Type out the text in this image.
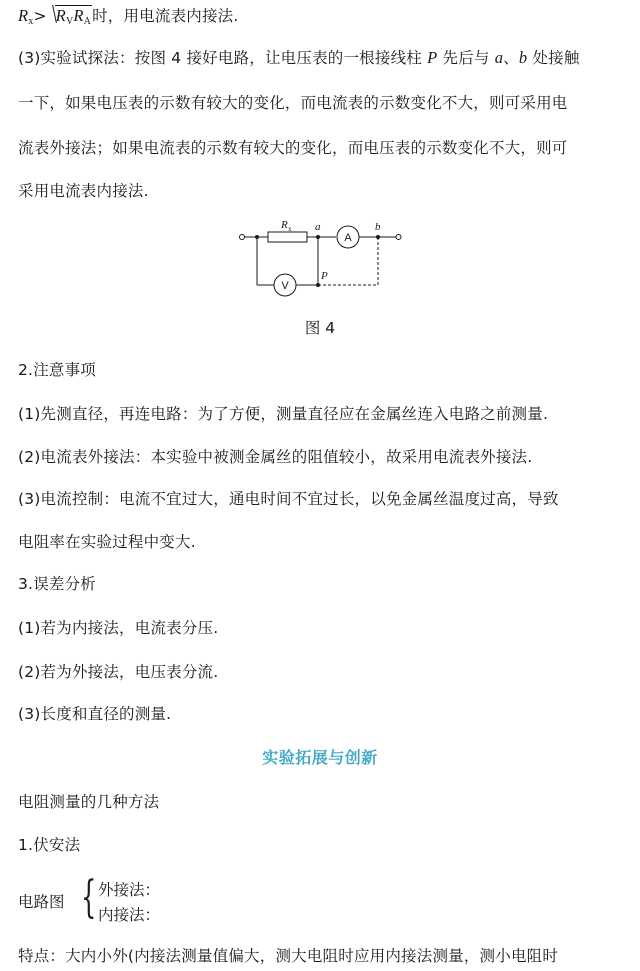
$R_x> R_VR_A$时，用电流表内接法.
(3)实验试探法：按图 4 接好电路，让电压表的一根接线柱 P 先后与 a、b 处接触
一下，如果电压表的示数有较大的变化，而电流表的示数变化不大，则可采用电
流表外接法；如果电流表的示数有较大的变化，而电压表的示数变化不大，则可
采用电流表内接法.
R x a	b
P
A
V
图 4
2.注意事项
(1)先测直径，再连电路：为了方便，测量直径应在金属丝连入电路之前测量.
(2)电流表外接法：本实验中被测金属丝的阻值较小，故采用电流表外接法.
(3)电流控制：电流不宜过大，通电时间不宜过长，以免金属丝温度过高，导致
电阻率在实验过程中变大.
3.误差分析
(1)若为内接法，电流表分压.
(2)若为外接法，电压表分流.
(3)长度和直径的测量.
实验拓展与创新
电阻测量的几种方法
1.伏安法
电路图 { 外接法：
内接法：
特点：大内小外(内接法测量值偏大，测大电阻时应用内接法测量，测小电阻时
